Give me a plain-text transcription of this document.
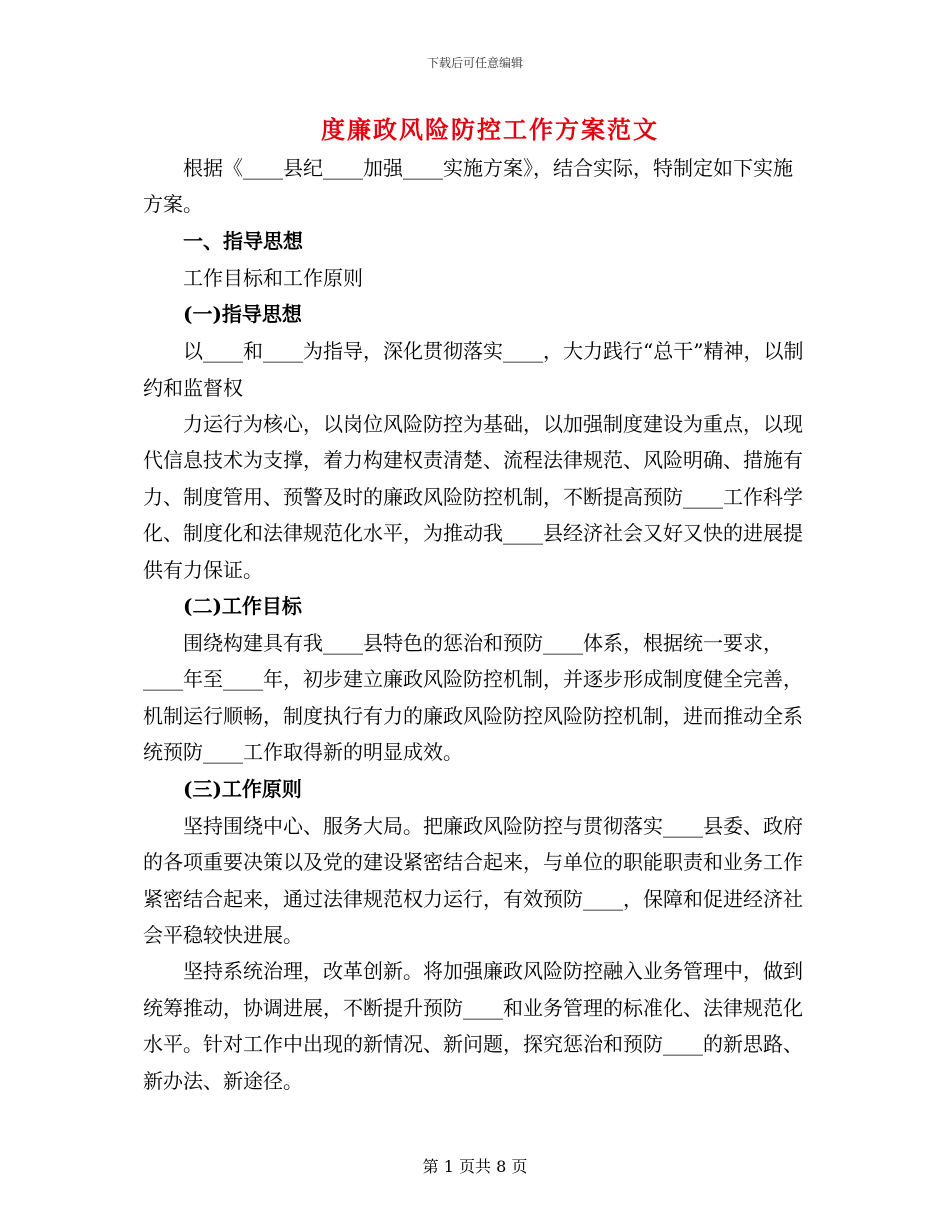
下载后可任意编辑
度廉政风险防控工作方案范文

根据《____县纪____加强____实施方案》，结合实际，特制定如下实施方案。

一、指导思想

工作目标和工作原则

(一)指导思想

以____和____为指导，深化贯彻落实____，大力践行“总干”精神，以制约和监督权

力运行为核心，以岗位风险防控为基础，以加强制度建设为重点，以现代信息技术为支撑，着力构建权责清楚、流程法律规范、风险明确、措施有力、制度管用、预警及时的廉政风险防控机制，不断提高预防____工作科学化、制度化和法律规范化水平，为推动我____县经济社会又好又快的进展提供有力保证。

(二)工作目标

围绕构建具有我____县特色的惩治和预防____体系，根据统一要求，____年至____年，初步建立廉政风险防控机制，并逐步形成制度健全完善，机制运行顺畅，制度执行有力的廉政风险防控风险防控机制，进而推动全系统预防____工作取得新的明显成效。

(三)工作原则

坚持围绕中心、服务大局。把廉政风险防控与贯彻落实____县委、政府的各项重要决策以及党的建设紧密结合起来，与单位的职能职责和业务工作紧密结合起来，通过法律规范权力运行，有效预防____，保障和促进经济社会平稳较快进展。

坚持系统治理，改革创新。将加强廉政风险防控融入业务管理中，做到统筹推动，协调进展，不断提升预防____和业务管理的标准化、法律规范化水平。针对工作中出现的新情况、新问题，探究惩治和预防____的新思路、新办法、新途径。

第 1 页共 8 页
